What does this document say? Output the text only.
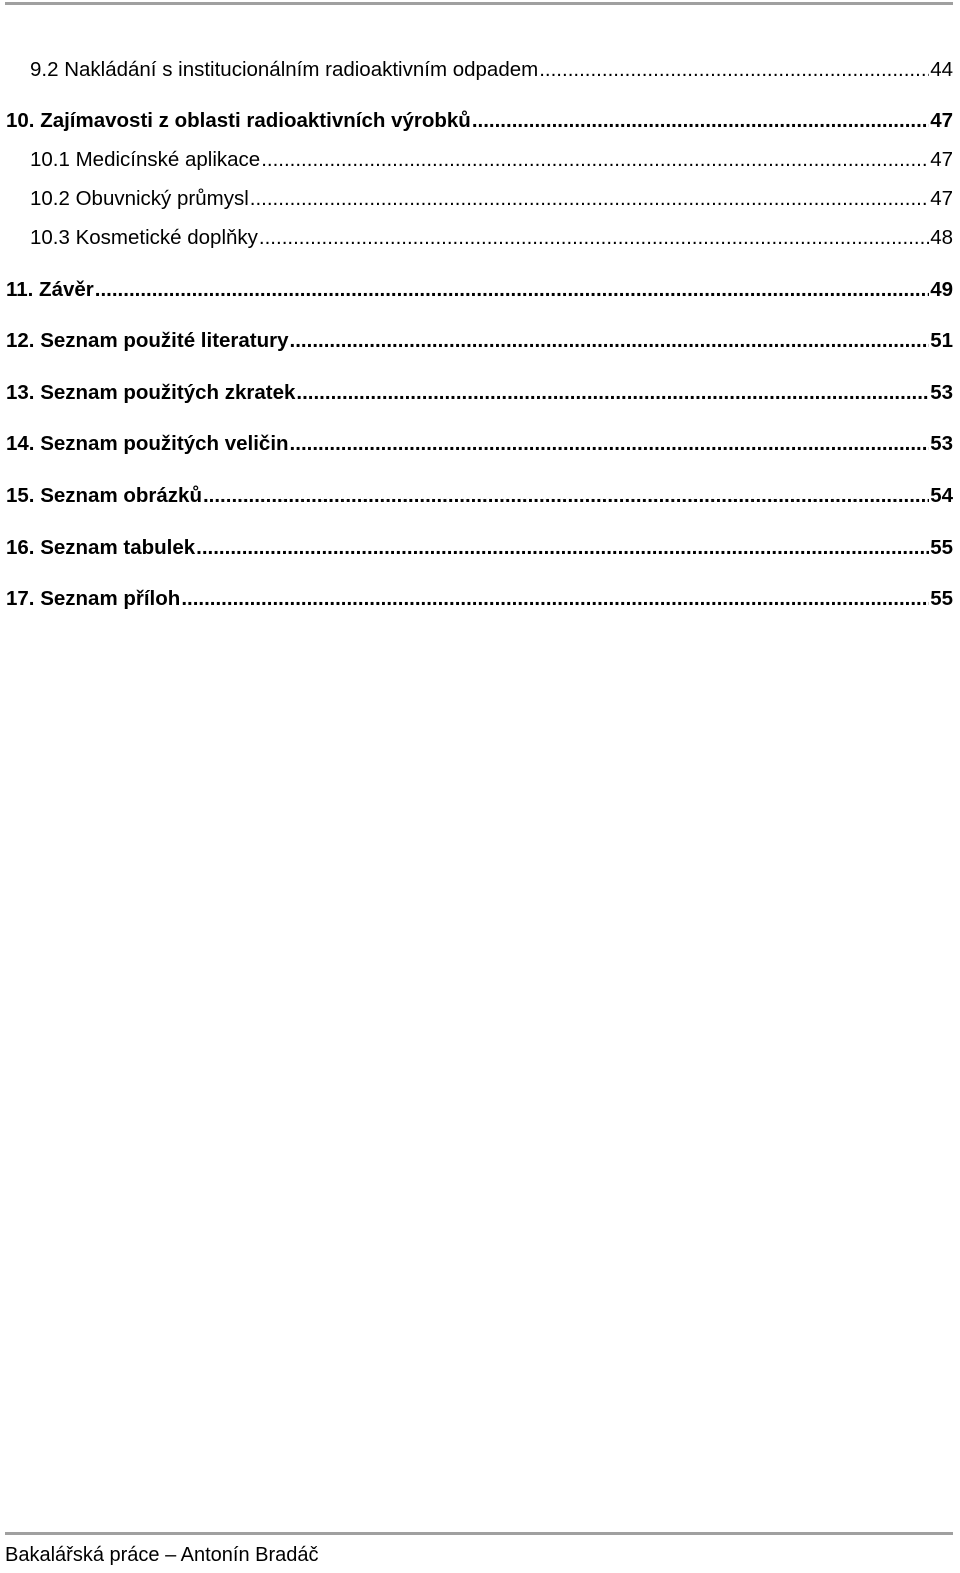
9.2 Nakládání s institucionálním radioaktivním odpadem .....	44
10. Zajímavosti z oblasti radioaktivních výrobků .....	47
10.1 Medicínské aplikace .....	47
10.2 Obuvnický průmysl .....	47
10.3 Kosmetické doplňky .....	48
11. Závěr .....	49
12. Seznam použité literatury .....	51
13. Seznam použitých zkratek .....	53
14. Seznam použitých veličin .....	53
15. Seznam obrázků .....	54
16. Seznam tabulek .....	55
17. Seznam příloh .....	55
Bakalářská práce – Antonín Bradáč
